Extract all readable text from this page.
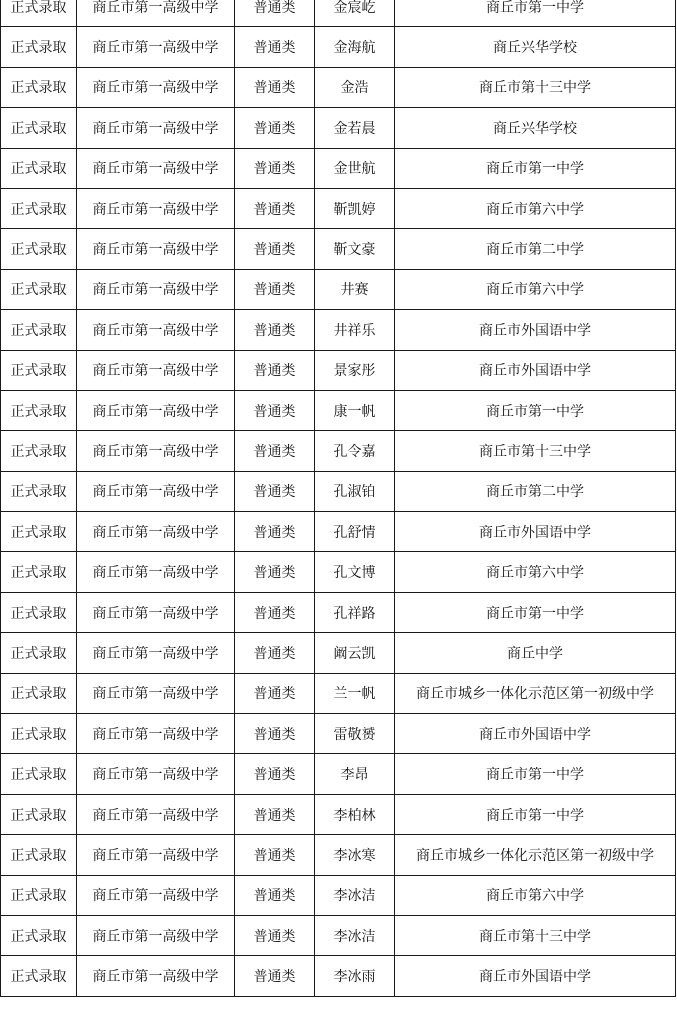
正式录取	商丘市第一高级中学	普通类	金宸屹	商丘市第一中学
正式录取	商丘市第一高级中学	普通类	金海航	商丘兴华学校
正式录取	商丘市第一高级中学	普通类	金浩	商丘市第十三中学
正式录取	商丘市第一高级中学	普通类	金若晨	商丘兴华学校
正式录取	商丘市第一高级中学	普通类	金世航	商丘市第一中学
正式录取	商丘市第一高级中学	普通类	靳凯婷	商丘市第六中学
正式录取	商丘市第一高级中学	普通类	靳文豪	商丘市第二中学
正式录取	商丘市第一高级中学	普通类	井赛	商丘市第六中学
正式录取	商丘市第一高级中学	普通类	井祥乐	商丘市外国语中学
正式录取	商丘市第一高级中学	普通类	景家彤	商丘市外国语中学
正式录取	商丘市第一高级中学	普通类	康一帆	商丘市第一中学
正式录取	商丘市第一高级中学	普通类	孔令嘉	商丘市第十三中学
正式录取	商丘市第一高级中学	普通类	孔淑铂	商丘市第二中学
正式录取	商丘市第一高级中学	普通类	孔舒情	商丘市外国语中学
正式录取	商丘市第一高级中学	普通类	孔文博	商丘市第六中学
正式录取	商丘市第一高级中学	普通类	孔祥路	商丘市第一中学
正式录取	商丘市第一高级中学	普通类	阚云凯	商丘中学
正式录取	商丘市第一高级中学	普通类	兰一帆	商丘市城乡一体化示范区第一初级中学
正式录取	商丘市第一高级中学	普通类	雷敬赟	商丘市外国语中学
正式录取	商丘市第一高级中学	普通类	李昂	商丘市第一中学
正式录取	商丘市第一高级中学	普通类	李柏林	商丘市第一中学
正式录取	商丘市第一高级中学	普通类	李冰寒	商丘市城乡一体化示范区第一初级中学
正式录取	商丘市第一高级中学	普通类	李冰洁	商丘市第六中学
正式录取	商丘市第一高级中学	普通类	李冰洁	商丘市第十三中学
正式录取	商丘市第一高级中学	普通类	李冰雨	商丘市外国语中学
